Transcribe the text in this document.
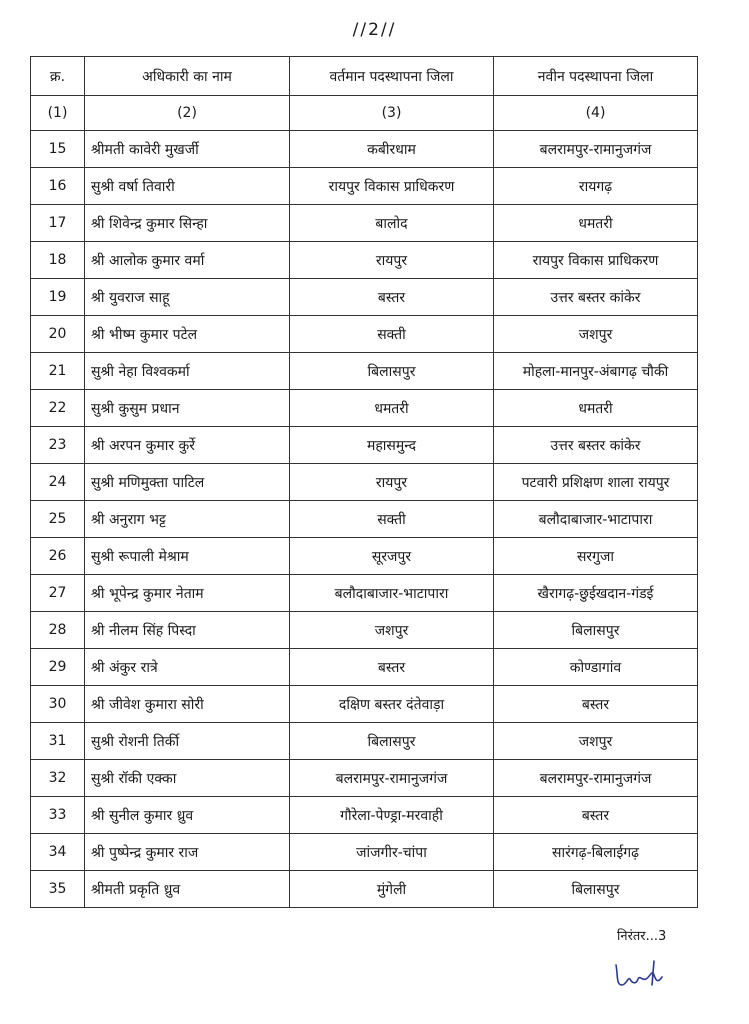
//2//
क्र.	अधिकारी का नाम	वर्तमान पदस्थापना जिला	नवीन पदस्थापना जिला
(1)	(2)	(3)	(4)
15	श्रीमती कावेरी मुखर्जी	कबीरधाम	बलरामपुर-रामानुजगंज
16	सुश्री वर्षा तिवारी	रायपुर विकास प्राधिकरण	रायगढ़
17	श्री शिवेन्द्र कुमार सिन्हा	बालोद	धमतरी
18	श्री आलोक कुमार वर्मा	रायपुर	रायपुर विकास प्राधिकरण
19	श्री युवराज साहू	बस्तर	उत्तर बस्तर कांकेर
20	श्री भीष्म कुमार पटेल	सक्ती	जशपुर
21	सुश्री नेहा विश्वकर्मा	बिलासपुर	मोहला-मानपुर-अंबागढ़ चौकी
22	सुश्री कुसुम प्रधान	धमतरी	धमतरी
23	श्री अरपन कुमार कुर्रे	महासमुन्द	उत्तर बस्तर कांकेर
24	सुश्री मणिमुक्ता पाटिल	रायपुर	पटवारी प्रशिक्षण शाला रायपुर
25	श्री अनुराग भट्ट	सक्ती	बलौदाबाजार-भाटापारा
26	सुश्री रूपाली मेश्राम	सूरजपुर	सरगुजा
27	श्री भूपेन्द्र कुमार नेताम	बलौदाबाजार-भाटापारा	खैरागढ़-छुईखदान-गंडई
28	श्री नीलम सिंह पिस्दा	जशपुर	बिलासपुर
29	श्री अंकुर रात्रे	बस्तर	कोण्डागांव
30	श्री जीवेश कुमारा सोरी	दक्षिण बस्तर दंतेवाड़ा	बस्तर
31	सुश्री रोशनी तिर्की	बिलासपुर	जशपुर
32	सुश्री रॉकी एक्का	बलरामपुर-रामानुजगंज	बलरामपुर-रामानुजगंज
33	श्री सुनील कुमार ध्रुव	गौरेला-पेण्ड्रा-मरवाही	बस्तर
34	श्री पुष्पेन्द्र कुमार राज	जांजगीर-चांपा	सारंगढ़-बिलाईगढ़
35	श्रीमती प्रकृति ध्रुव	मुंगेली	बिलासपुर
निरंतर...3
